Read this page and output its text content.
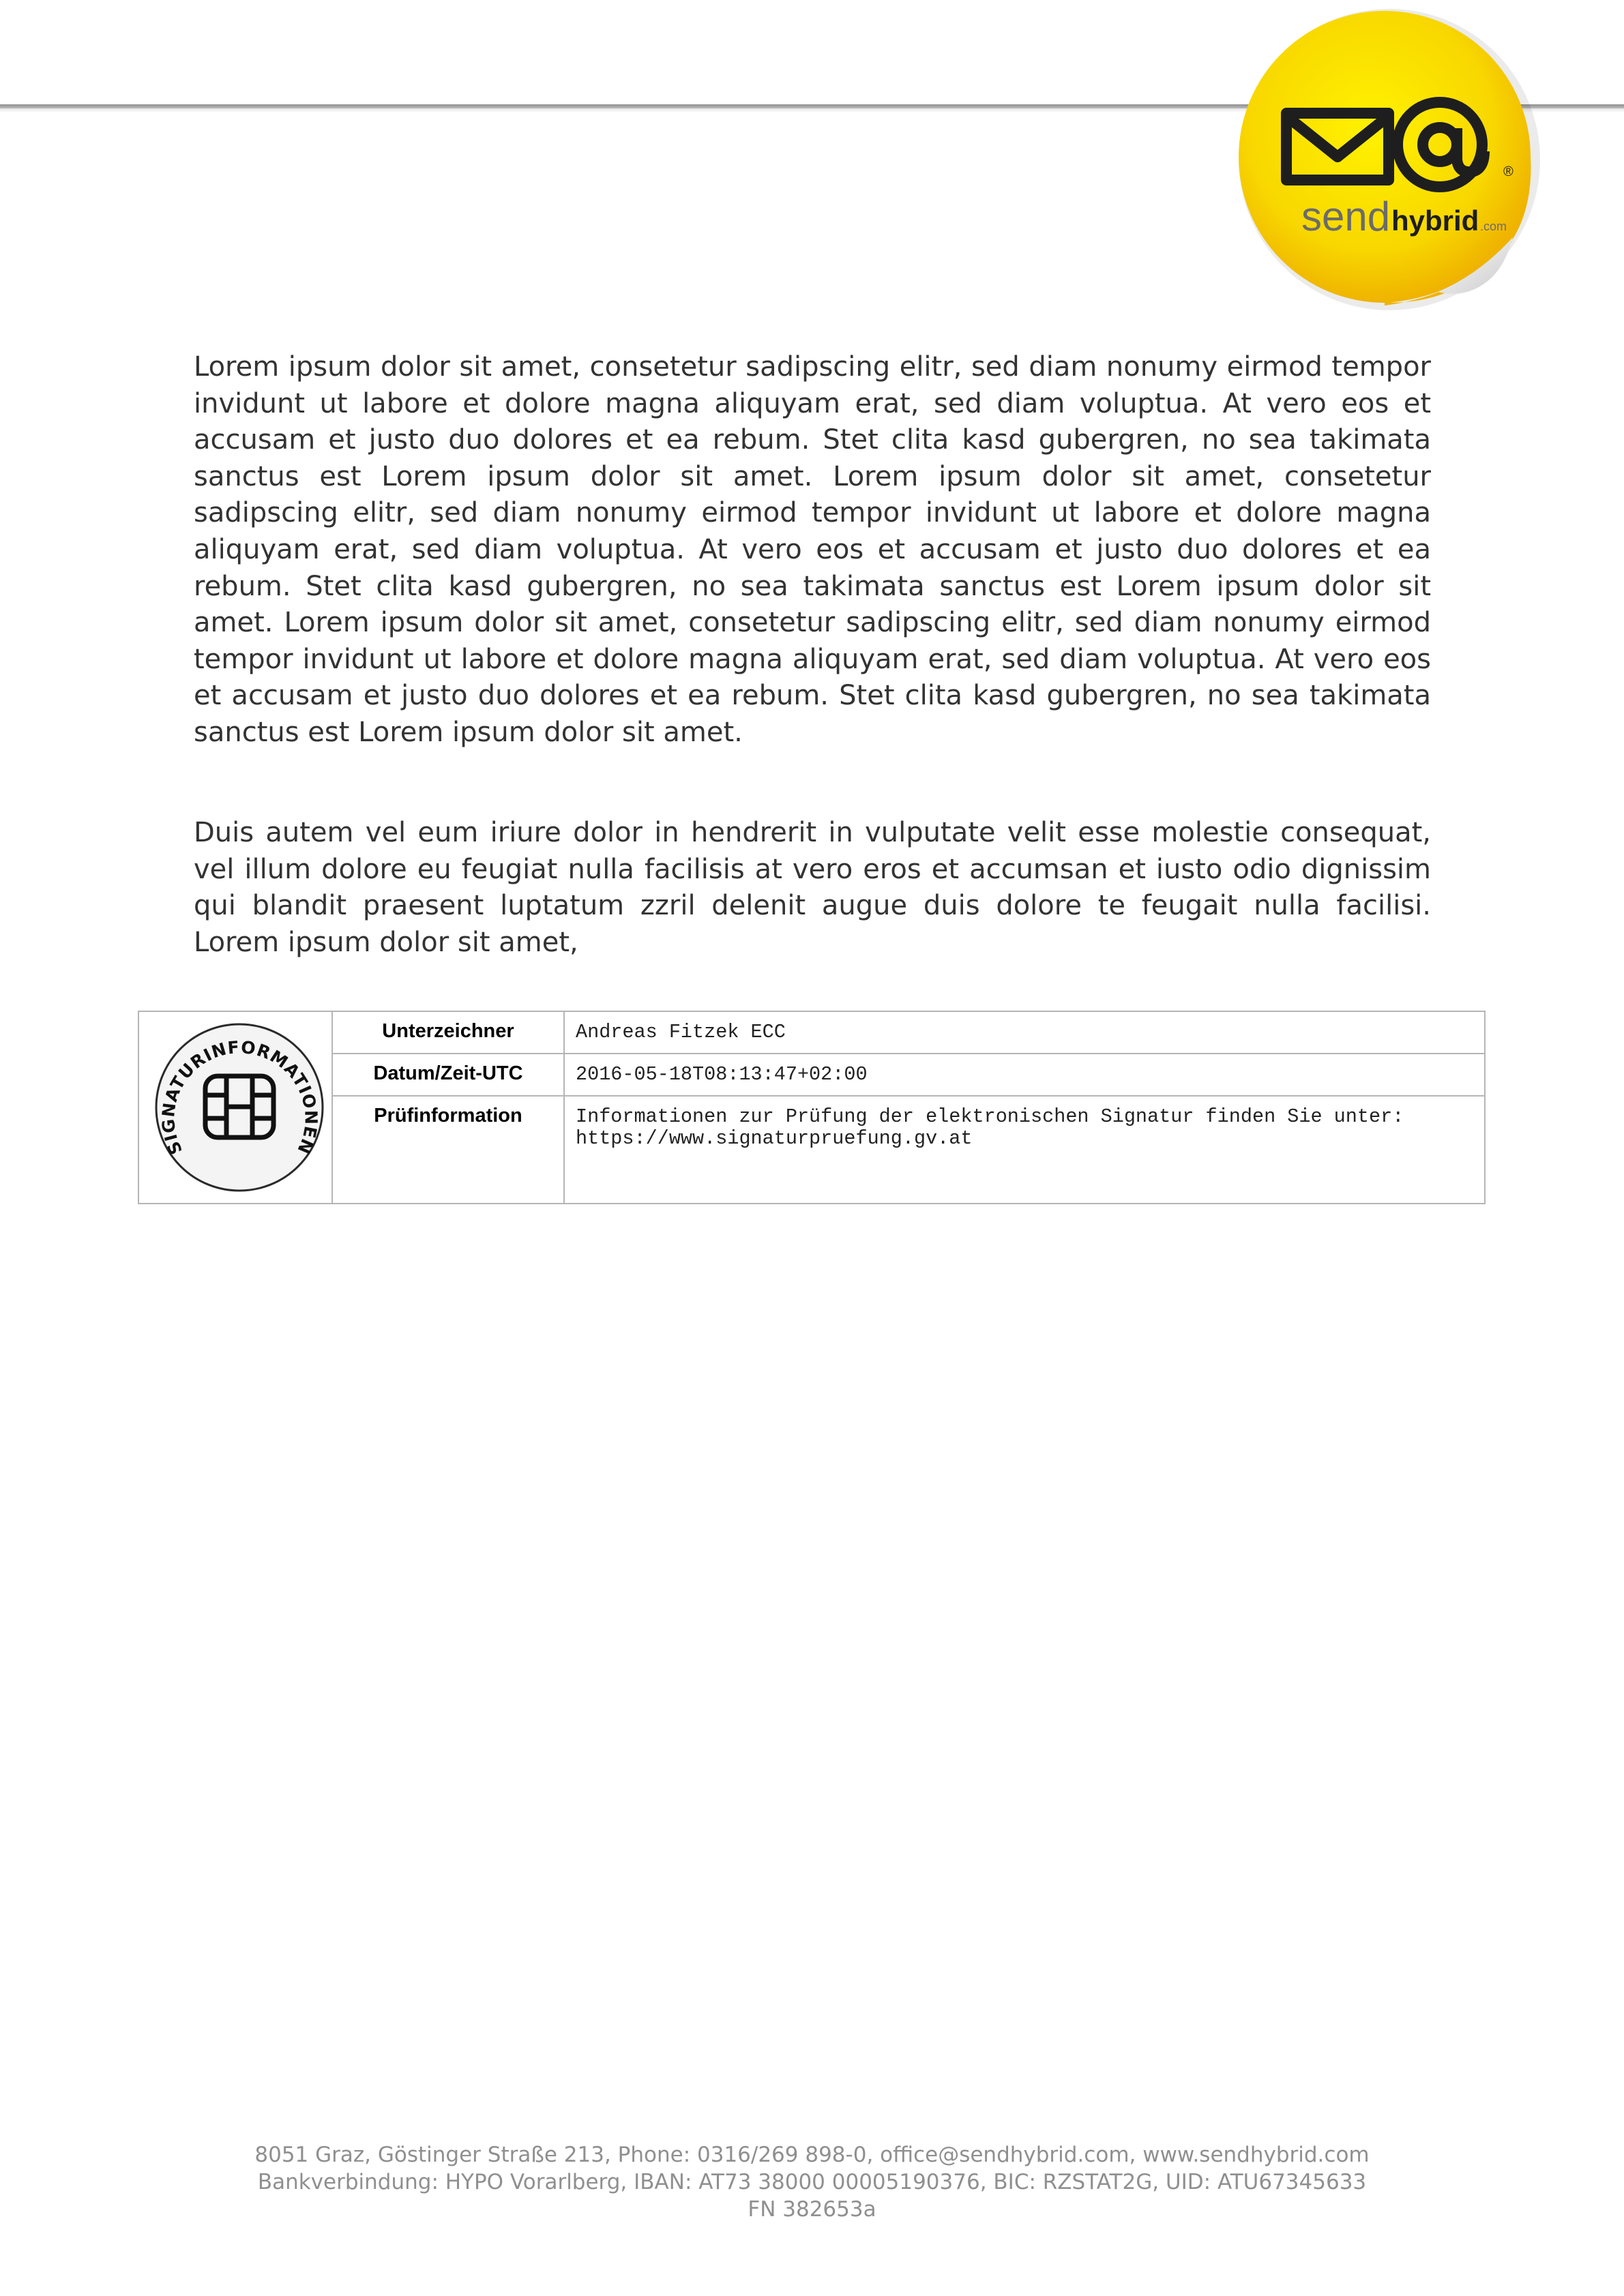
®
send hybrid .com

Lorem ipsum dolor sit amet, consetetur sadipscing elitr, sed diam nonumy eirmod tempor invidunt ut labore et dolore magna aliquyam erat, sed diam voluptua. At vero eos et accusam et justo duo dolores et ea rebum. Stet clita kasd gubergren, no sea takimata sanctus est Lorem ipsum dolor sit amet. Lorem ipsum dolor sit amet, consetetur sadipscing elitr, sed diam nonumy eirmod tempor invidunt ut labore et dolore magna aliquyam erat, sed diam voluptua. At vero eos et accusam et justo duo dolores et ea rebum. Stet clita kasd gubergren, no sea takimata sanctus est Lorem ipsum dolor sit amet. Lorem ipsum dolor sit amet, consetetur sadipscing elitr, sed diam nonumy eirmod tempor invidunt ut labore et dolore magna aliquyam erat, sed diam voluptua. At vero eos et accusam et justo duo dolores et ea rebum. Stet clita kasd gubergren, no sea takimata sanctus est Lorem ipsum dolor sit amet.

Duis autem vel eum iriure dolor in hendrerit in vulputate velit esse molestie consequat, vel illum dolore eu feugiat nulla facilisis at vero eros et accumsan et iusto odio dignissim qui blandit praesent luptatum zzril delenit augue duis dolore te feugait nulla facilisi. Lorem ipsum dolor sit amet,

SIGNATURINFORMATIONEN
Unterzeichner
Datum/Zeit-UTC
Prüfinformation
Andreas Fitzek ECC
2016-05-18T08:13:47+02:00
Informationen zur Prüfung der elektronischen Signatur finden Sie unter: https://www.signaturpruefung.gv.at
8051 Graz, Göstinger Straße 213, Phone: 0316/269 898-0, office@sendhybrid.com, www.sendhybrid.com
Bankverbindung: HYPO Vorarlberg, IBAN: AT73 38000 00005190376, BIC: RZSTAT2G, UID: ATU67345633
FN 382653a
